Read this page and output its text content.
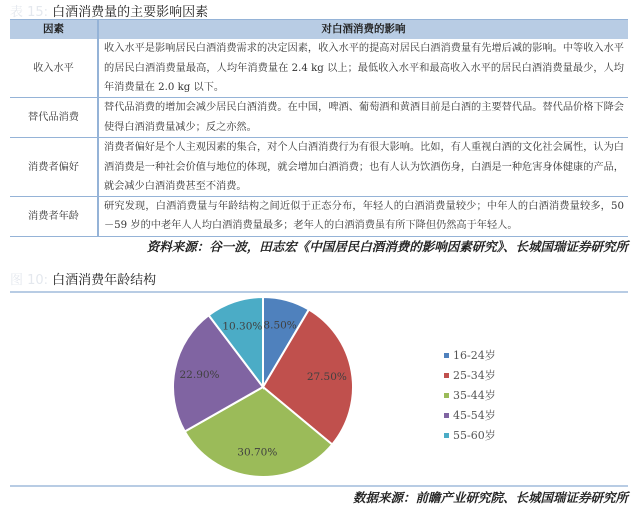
表 15: 白酒消费量的主要影响因素
因素	对白酒消费的影响
收入水平	收入水平是影响居民白酒消费需求的决定因素，收入水平的提高对居民白酒消费量有先增后减的影响。中等收入水平的居民白酒消费量最高，人均年消费量在 2.4 kg 以上；最低收入水平和最高收入水平的居民白酒消费量最少，人均年消费量在 2.0 kg 以下。
替代品消费	替代品消费的增加会减少居民白酒消费。在中国，啤酒、葡萄酒和黄酒目前是白酒的主要替代品。替代品价格下降会使得白酒消费量减少；反之亦然。
消费者偏好	消费者偏好是个人主观因素的集合，对个人白酒消费行为有很大影响。比如，有人重视白酒的文化社会属性，认为白酒消费是一种社会价值与地位的体现，就会增加白酒消费；也有人认为饮酒伤身，白酒是一种危害身体健康的产品，就会减少白酒消费甚至不消费。
消费者年龄	研究发现，白酒消费量与年龄结构之间近似于正态分布，年轻人的白酒消费量较少；中年人的白酒消费量较多，50－59 岁的中老年人人均白酒消费量最多；老年人的白酒消费虽有所下降但仍然高于年轻人。
资料来源：谷一波，田志宏《中国居民白酒消费的影响因素研究》、长城国瑞证券研究所
图 10: 白酒消费年龄结构
8.50%
27.50%
30.70%
22.90%
10.30%
16-24岁
25-34岁
35-44岁
45-54岁
55-60岁
数据来源：前瞻产业研究院、长城国瑞证券研究所
